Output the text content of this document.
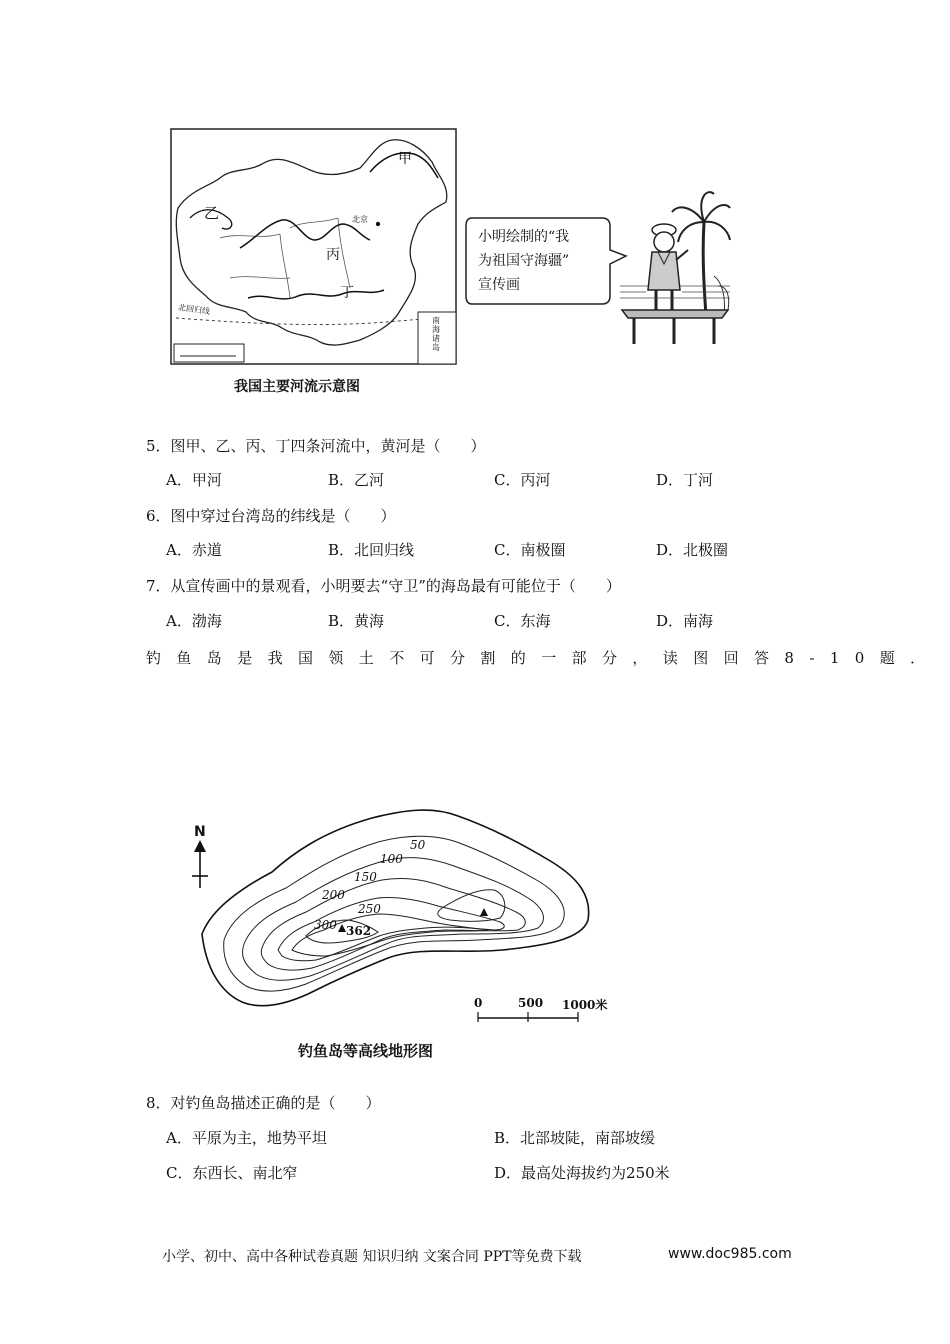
甲
乙
丙
丁
北京
北回归线
南海诸岛
我国主要河流示意图
小明绘制的“我
为祖国守海疆”
宣传画
5．图甲、乙、丙、丁四条河流中，黄河是（　　）
A．甲河	B．乙河	C．丙河	D．丁河
6．图中穿过台湾岛的纬线是（　　）
A．赤道	B．北回归线	C．南极圈	D．北极圈
7．从宣传画中的景观看，小明要去“守卫”的海岛最有可能位于（　　）
A．渤海	B．黄海	C．东海	D．南海
钓鱼岛是我国领土不可分割的一部分，读图回答8-10题．
N
50
100
150
200
250
300 362
0	500 1000米
钓鱼岛等高线地形图
8．对钓鱼岛描述正确的是（　　）
A．平原为主，地势平坦	B．北部坡陡，南部坡缓
C．东西长、南北窄	D．最高处海拔约为250米
小学、初中、高中各种试卷真题 知识归纳 文案合同 PPT等免费下载	www.doc985.com
